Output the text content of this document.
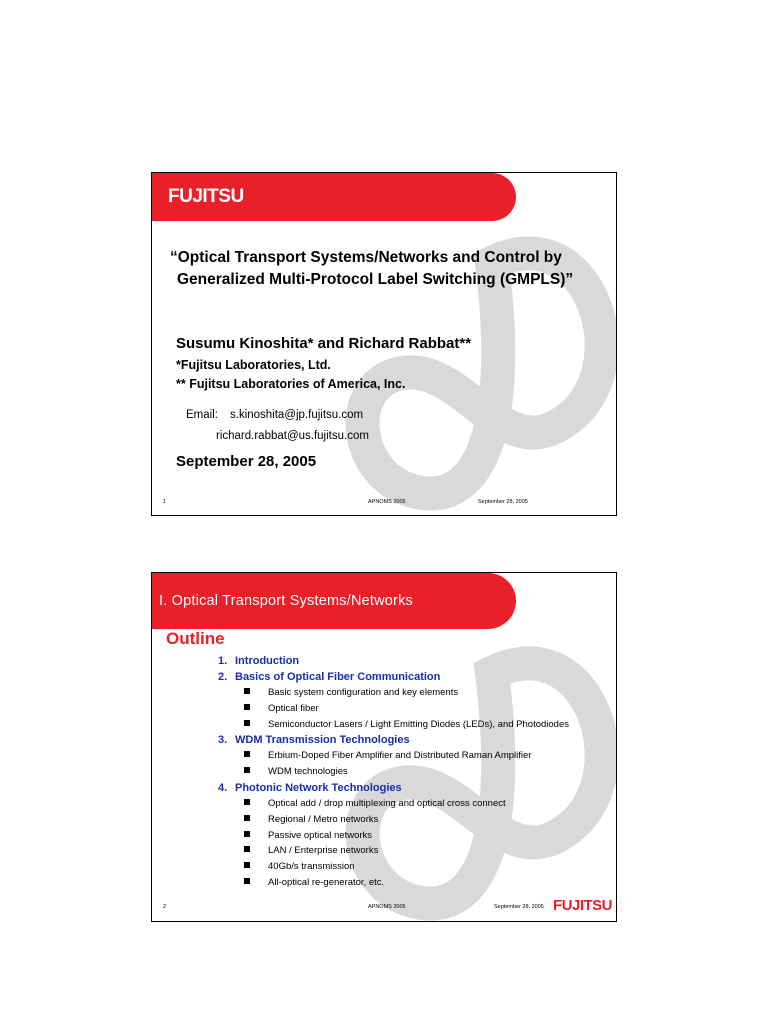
FUJITSU
“Optical Transport Systems/Networks and Control by
Generalized Multi-Protocol Label Switching (GMPLS)”
Susumu Kinoshita* and Richard Rabbat**
*Fujitsu Laboratories, Ltd.
** Fujitsu Laboratories of America, Inc.
Email: s.kinoshita@jp.fujitsu.com
richard.rabbat@us.fujitsu.com
September 28, 2005
1	APNOMS 2005	September 28, 2005
I. Optical Transport Systems/Networks
Outline
1. Introduction
2. Basics of Optical Fiber Communication
Basic system configuration and key elements
Optical fiber
Semiconductor Lasers / Light Emitting Diodes (LEDs), and Photodiodes
3. WDM Transmission Technologies
Erbium-Doped Fiber Amplifier and Distributed Raman Amplifier
WDM technologies
4. Photonic Network Technologies
Optical add / drop multiplexing and optical cross connect
Regional / Metro networks
Passive optical networks
LAN / Enterprise networks
40Gb/s transmission
All-optical re-generator, etc.
2	APNOMS 2005	September 28, 2005 FUJITSU
